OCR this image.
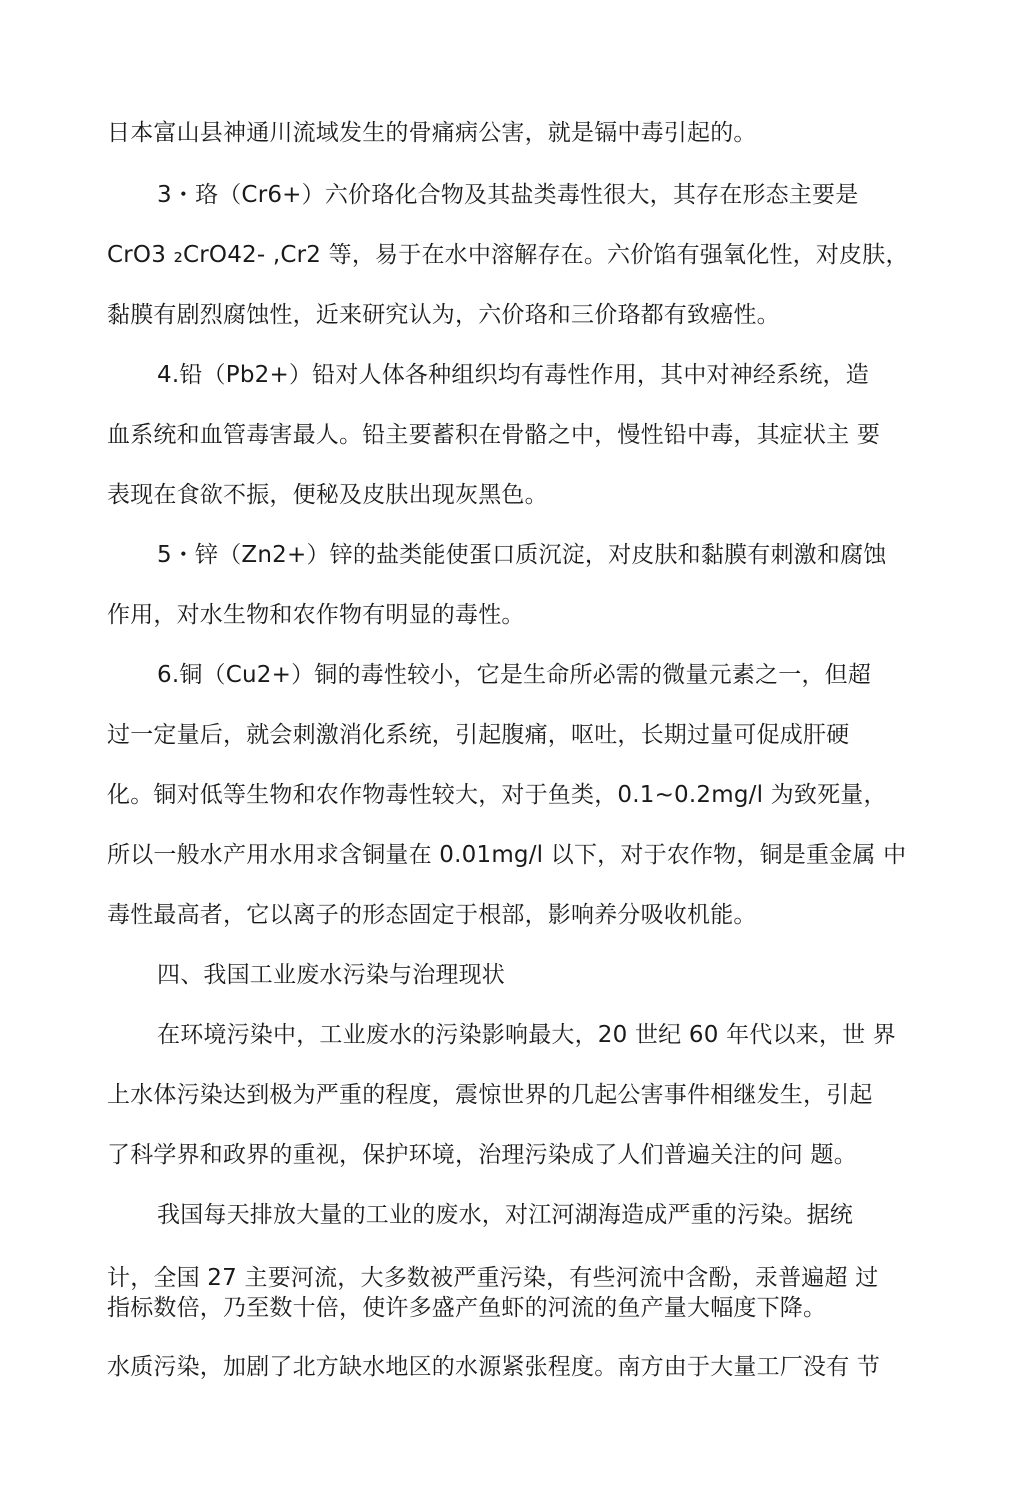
日本富山县神通川流域发生的骨痛病公害，就是镉中毒引起的。
3・珞（Cr6+）六价珞化合物及其盐类毒性很大，其存在形态主要是
CrO3 ₂CrO42- ,Cr2 等，易于在水中溶解存在。六价馅有强氧化性，对皮肤，
黏膜有剧烈腐蚀性，近来研究认为，六价珞和三价珞都有致癌性。
4.铅（Pb2+）铅对人体各种组织均有毒性作用，其中对神经系统，造
血系统和血管毒害最人。铅主要蓄积在骨骼之中，慢性铅中毒，其症状主 要
表现在食欲不振，便秘及皮肤出现灰黑色。
5・锌（Zn2+）锌的盐类能使蛋口质沉淀，对皮肤和黏膜有刺激和腐蚀
作用，对水生物和农作物有明显的毒性。
6.铜（Cu2+）铜的毒性较小，它是生命所必需的微量元素之一，但超
过一定量后，就会刺激消化系统，引起腹痛，呕吐，长期过量可促成肝硬
化。铜对低等生物和农作物毒性较大，对于鱼类，0.1~0.2mg/l 为致死量，
所以一般水产用水用求含铜量在 0.01mg/l 以下，对于农作物，铜是重金属 中
毒性最高者，它以离子的形态固定于根部，影响养分吸收机能。
四、我国工业废水污染与治理现状
在环境污染中，工业废水的污染影响最大，20 世纪 60 年代以来，世 界
上水体污染达到极为严重的程度，震惊世界的几起公害事件相继发生，引起
了科学界和政界的重视，保护环境，治理污染成了人们普遍关注的问 题。
我国每天排放大量的工业的废水，对江河湖海造成严重的污染。据统
计，全国 27 主要河流，大多数被严重污染，有些河流中含酚，汞普遍超 过
指标数倍，乃至数十倍，使许多盛产鱼虾的河流的鱼产量大幅度下降。
水质污染，加剧了北方缺水地区的水源紧张程度。南方由于大量工厂没有 节
